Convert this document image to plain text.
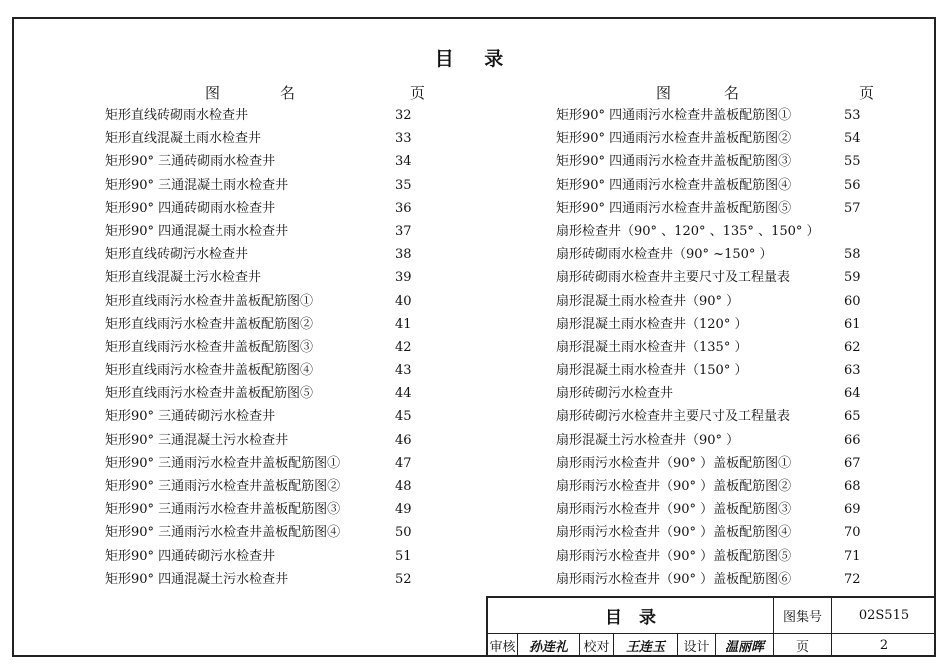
目 录
图	名	页
矩形直线砖砌雨水检查井	32
矩形直线混凝土雨水检查井	33
矩形90° 三通砖砌雨水检查井	34
矩形90° 三通混凝土雨水检查井	35
矩形90° 四通砖砌雨水检查井	36
矩形90° 四通混凝土雨水检查井	37
矩形直线砖砌污水检查井	38
矩形直线混凝土污水检查井	39
矩形直线雨污水检查井盖板配筋图①	40
矩形直线雨污水检查井盖板配筋图②	41
矩形直线雨污水检查井盖板配筋图③	42
矩形直线雨污水检查井盖板配筋图④	43
矩形直线雨污水检查井盖板配筋图⑤	44
矩形90° 三通砖砌污水检查井	45
矩形90° 三通混凝土污水检查井	46
矩形90° 三通雨污水检查井盖板配筋图①	47
矩形90° 三通雨污水检查井盖板配筋图②	48
矩形90° 三通雨污水检查井盖板配筋图③	49
矩形90° 三通雨污水检查井盖板配筋图④	50
矩形90° 四通砖砌污水检查井	51
矩形90° 四通混凝土污水检查井	52
图	名	页
矩形90° 四通雨污水检查井盖板配筋图①	53
矩形90° 四通雨污水检查井盖板配筋图②	54
矩形90° 四通雨污水检查井盖板配筋图③	55
矩形90° 四通雨污水检查井盖板配筋图④	56
矩形90° 四通雨污水检查井盖板配筋图⑤	57
扇形检查井（90° 、120° 、135° 、150° ）
扇形砖砌雨水检查井（90° ~150° ）	58
扇形砖砌雨水检查井主要尺寸及工程量表	59
扇形混凝土雨水检查井（90° ）	60
扇形混凝土雨水检查井（120° ）	61
扇形混凝土雨水检查井（135° ）	62
扇形混凝土雨水检查井（150° ）	63
扇形砖砌污水检查井	64
扇形砖砌污水检查井主要尺寸及工程量表	65
扇形混凝土污水检查井（90° ）	66
扇形雨污水检查井（90° ）盖板配筋图①	67
扇形雨污水检查井（90° ）盖板配筋图②	68
扇形雨污水检查井（90° ）盖板配筋图③	69
扇形雨污水检查井（90° ）盖板配筋图④	70
扇形雨污水检查井（90° ）盖板配筋图⑤	71
扇形雨污水检查井（90° ）盖板配筋图⑥	72
目　录	图集号	02S515
审核	孙连礼	校对	王连玉	设计	温丽晖	页	2
